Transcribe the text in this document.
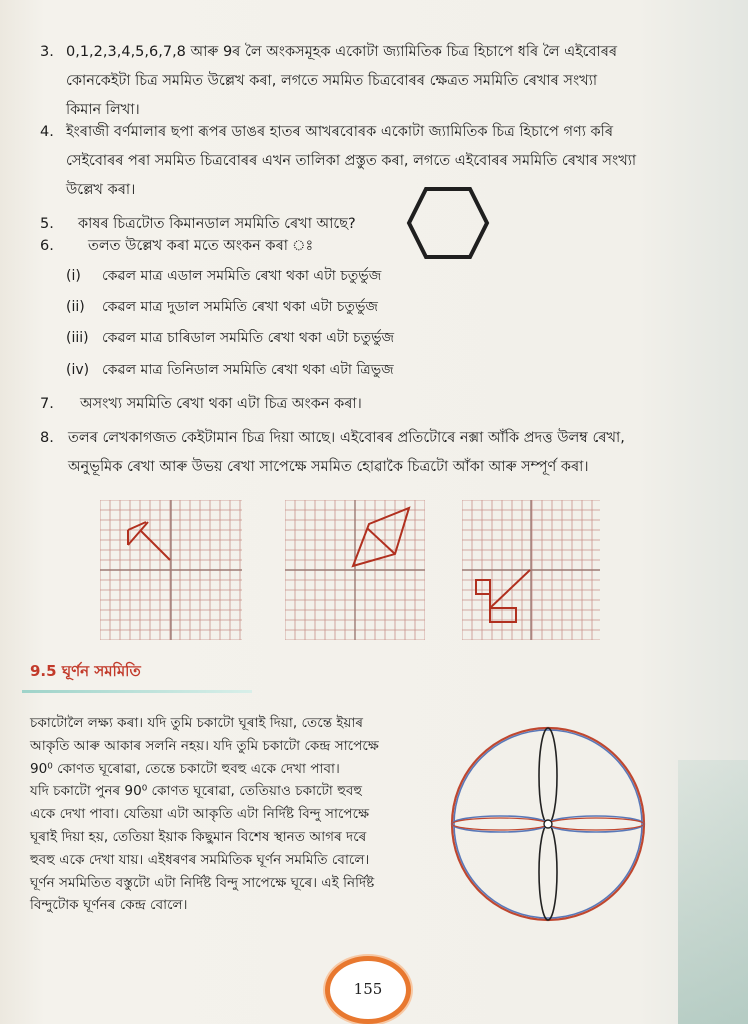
3. 0,1,2,3,4,5,6,7,8 আৰু 9ৰ লৈ অংকসমূহক একোটা জ্যামিতিক চিত্ৰ হিচাপে ধৰি লৈ এইবোৰৰ
কোনকেইটা চিত্ৰ সমমিত উল্লেখ কৰা, লগতে সমমিত চিত্ৰবোৰৰ ক্ষেত্ৰত সমমিতি ৰেখাৰ সংখ্যা
কিমান লিখা।
4. ইংৰাজী বৰ্ণমালাৰ ছপা ৰূপৰ ডাঙৰ হাতৰ আখৰবোৰক একোটা জ্যামিতিক চিত্ৰ হিচাপে গণ্য কৰি
সেইবোৰৰ পৰা সমমিত চিত্ৰবোৰৰ এখন তালিকা প্ৰস্তুত কৰা, লগতে এইবোৰৰ সমমিতি ৰেখাৰ সংখ্যা
উল্লেখ কৰা।
5. কাষৰ চিত্ৰটোত কিমানডাল সমমিতি ৰেখা আছে?
6. তলত উল্লেখ কৰা মতে অংকন কৰা ঃ
(i) কেৱল মাত্ৰ এডাল সমমিতি ৰেখা থকা এটা চতুৰ্ভুজ
(ii) কেৱল মাত্ৰ দুডাল সমমিতি ৰেখা থকা এটা চতুৰ্ভুজ
(iii) কেৱল মাত্ৰ চাৰিডাল সমমিতি ৰেখা থকা এটা চতুৰ্ভুজ
(iv) কেৱল মাত্ৰ তিনিডাল সমমিতি ৰেখা থকা এটা ত্ৰিভুজ
7. অসংখ্য সমমিতি ৰেখা থকা এটা চিত্ৰ অংকন কৰা।
8. তলৰ লেখকাগজত কেইটামান চিত্ৰ দিয়া আছে। এইবোৰৰ প্ৰতিটোৰে নক্সা আঁকি প্ৰদত্ত উলম্ব ৰেখা,
অনুভূমিক ৰেখা আৰু উভয় ৰেখা সাপেক্ষে সমমিত হোৱাকৈ চিত্ৰটো আঁকা আৰু সম্পূৰ্ণ কৰা।
9.5 ঘূৰ্ণন সমমিতি

চকাটোলৈ লক্ষ্য কৰা। যদি তুমি চকাটো ঘূৰাই দিয়া, তেন্তে ইয়াৰ

আকৃতি আৰু আকাৰ সলনি নহয়। যদি তুমি চকাটো কেন্দ্ৰ সাপেক্ষে

90⁰ কোণত ঘূৰোৱা, তেন্তে চকাটো হুবহু একে দেখা পাবা।

যদি চকাটো পুনৰ 90⁰ কোণত ঘূৰোৱা, তেতিয়াও চকাটো হুবহু

একে দেখা পাবা। যেতিয়া এটা আকৃতি এটা নিৰ্দিষ্ট বিন্দু সাপেক্ষে

ঘূৰাই দিয়া হয়, তেতিয়া ইয়াক কিছুমান বিশেষ স্থানত আগৰ দৰে

হুবহু একে দেখা যায়। এইধৰণৰ সমমিতিক ঘূৰ্ণন সমমিতি বোলে।

ঘূৰ্ণন সমমিতিত বস্তুটো এটা নিৰ্দিষ্ট বিন্দু সাপেক্ষে ঘূৰে। এই নিৰ্দিষ্ট

বিন্দুটোক ঘূৰ্ণনৰ কেন্দ্ৰ বোলে।

155
